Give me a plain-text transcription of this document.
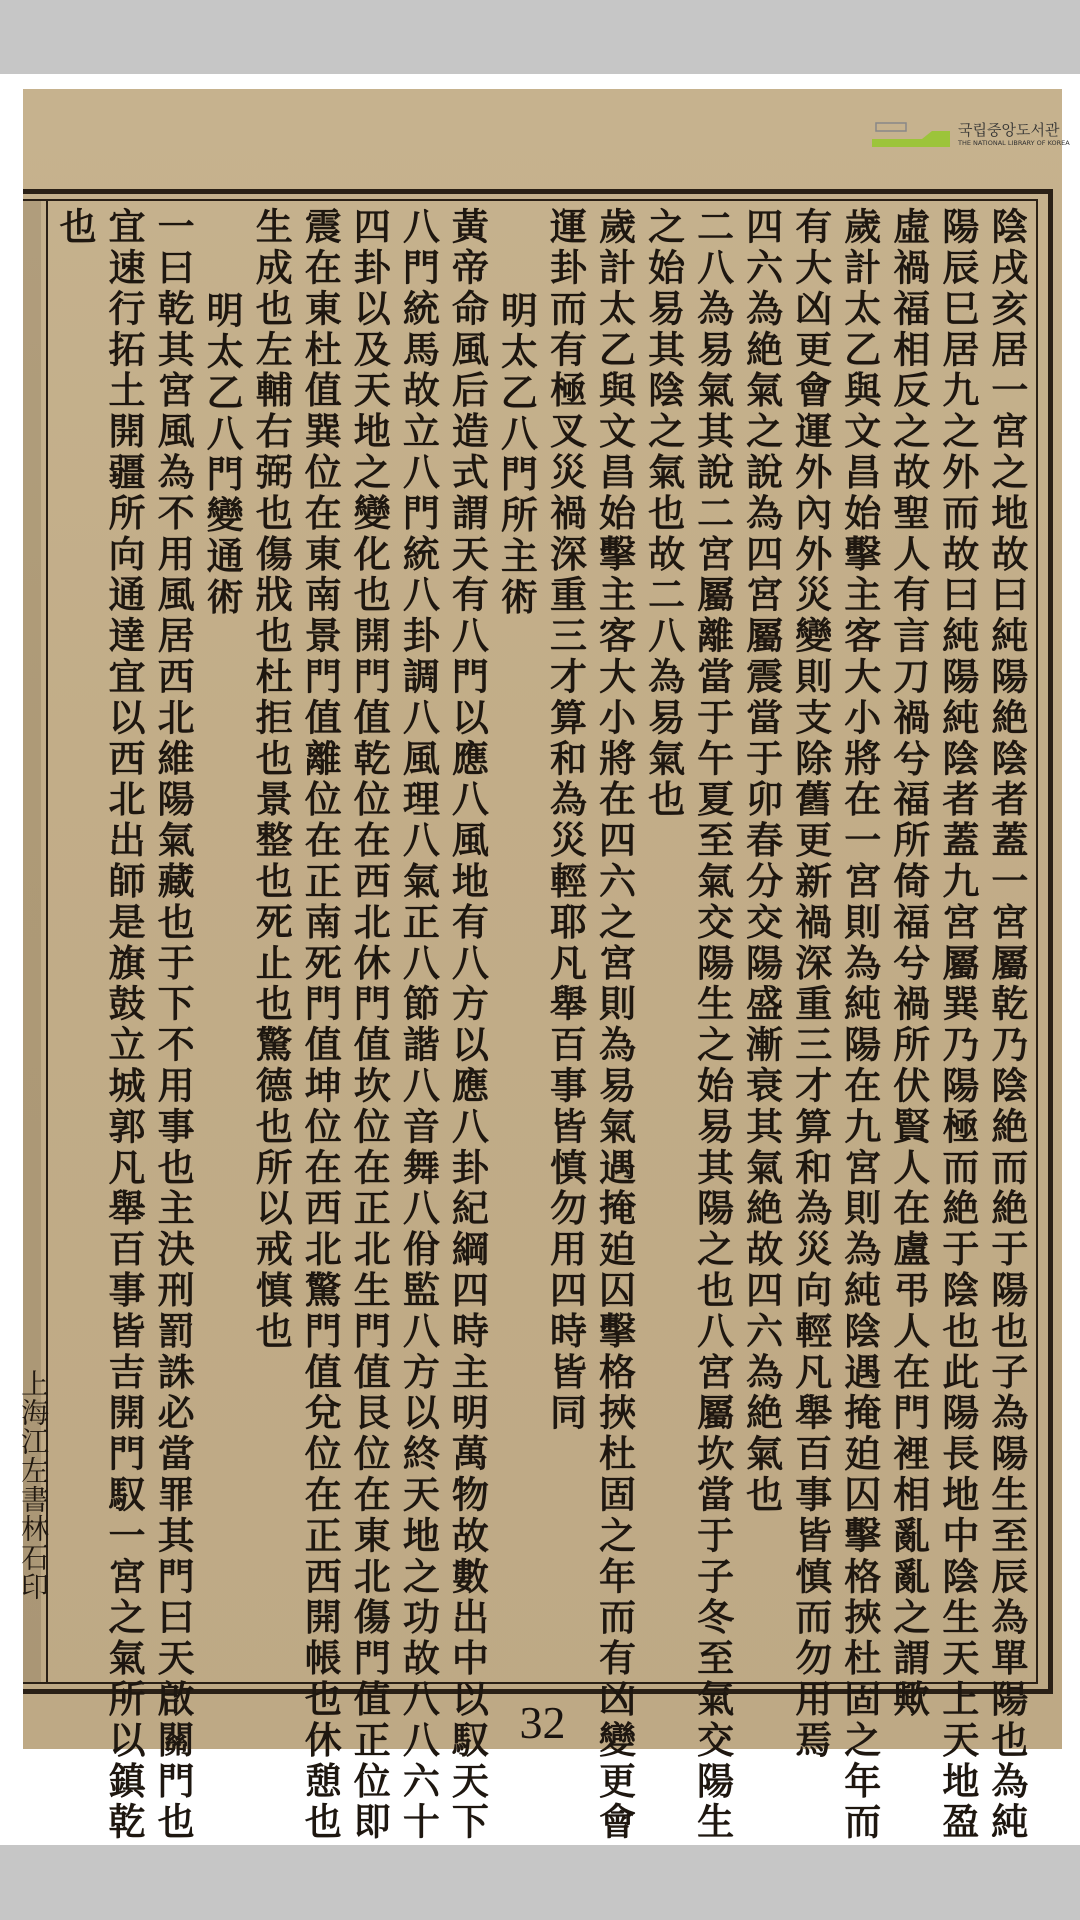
국립중앙도서관
THE NATIONAL LIBRARY OF KOREA
上海江左書林石印	陰戌亥居一宮之地故曰純陽絶陰者蓋一宮屬乾乃陰絶而絶于陽也子為陽生至辰為單陽也為純
陽辰巳居九之外而故曰純陽純陰者蓋九宮屬巽乃陽極而絶于陰也此陽長地中陰生天上天地盈
虛禍福相反之故聖人有言刀禍兮福所倚福兮禍所伏賢人在盧弔人在門裡相亂亂之謂歟
歲計太乙與文昌始擊主客大小將在一宮則為純陽在九宮則為純陰遇掩廹囚擊格挾杜固之年而
有大凶更會運外內外災變則支除舊更新禍深重三才算和為災向輕凡舉百事皆慎而勿用焉
四六為絶氣之說為四宮屬震當于卯春分交陽盛漸衰其氣絶故四六為絶氣也
二八為易氣其說二宮屬離當于午夏至氣交陽生之始易其陽之也八宮屬坎當于子冬至氣交陽生
之始易其陰之氣也故二八為易氣也
歲計太乙與文昌始擊主客大小將在四六之宮則為易氣遇掩廹囚擊格挾杜固之年而有凶變更會
運卦而有極叉災禍深重三才算和為災輕耶凡舉百事皆慎勿用四時皆同
明太乙八門所主術
黃帝命風后造式謂天有八門以應八風地有八方以應八卦紀綱四時主明萬物故數出中以馭天下
八門統馬故立八門統八卦調八風理八氣正八節諧八音舞八佾監八方以終天地之功故八八六十
四卦以及天地之變化也開門值乾位在西北休門值坎位在正北生門值艮位在東北傷門值正位即
震在東杜值巽位在東南景門值離位在正南死門值坤位在西北驚門值兌位在正西開帳也休憩也
生成也左輔右弼也傷戕也杜拒也景整也死止也驚德也所以戒慎也
明太乙八門變通術
一曰乾其宮風為不用風居西北維陽氣藏也于下不用事也主決刑罰誅必當罪其門曰天啟關門也
宜速行拓土開疆所向通達宜以西北出師是旗鼓立城郭凡舉百事皆吉開門馭一宮之氣所以鎮乾
也
32
